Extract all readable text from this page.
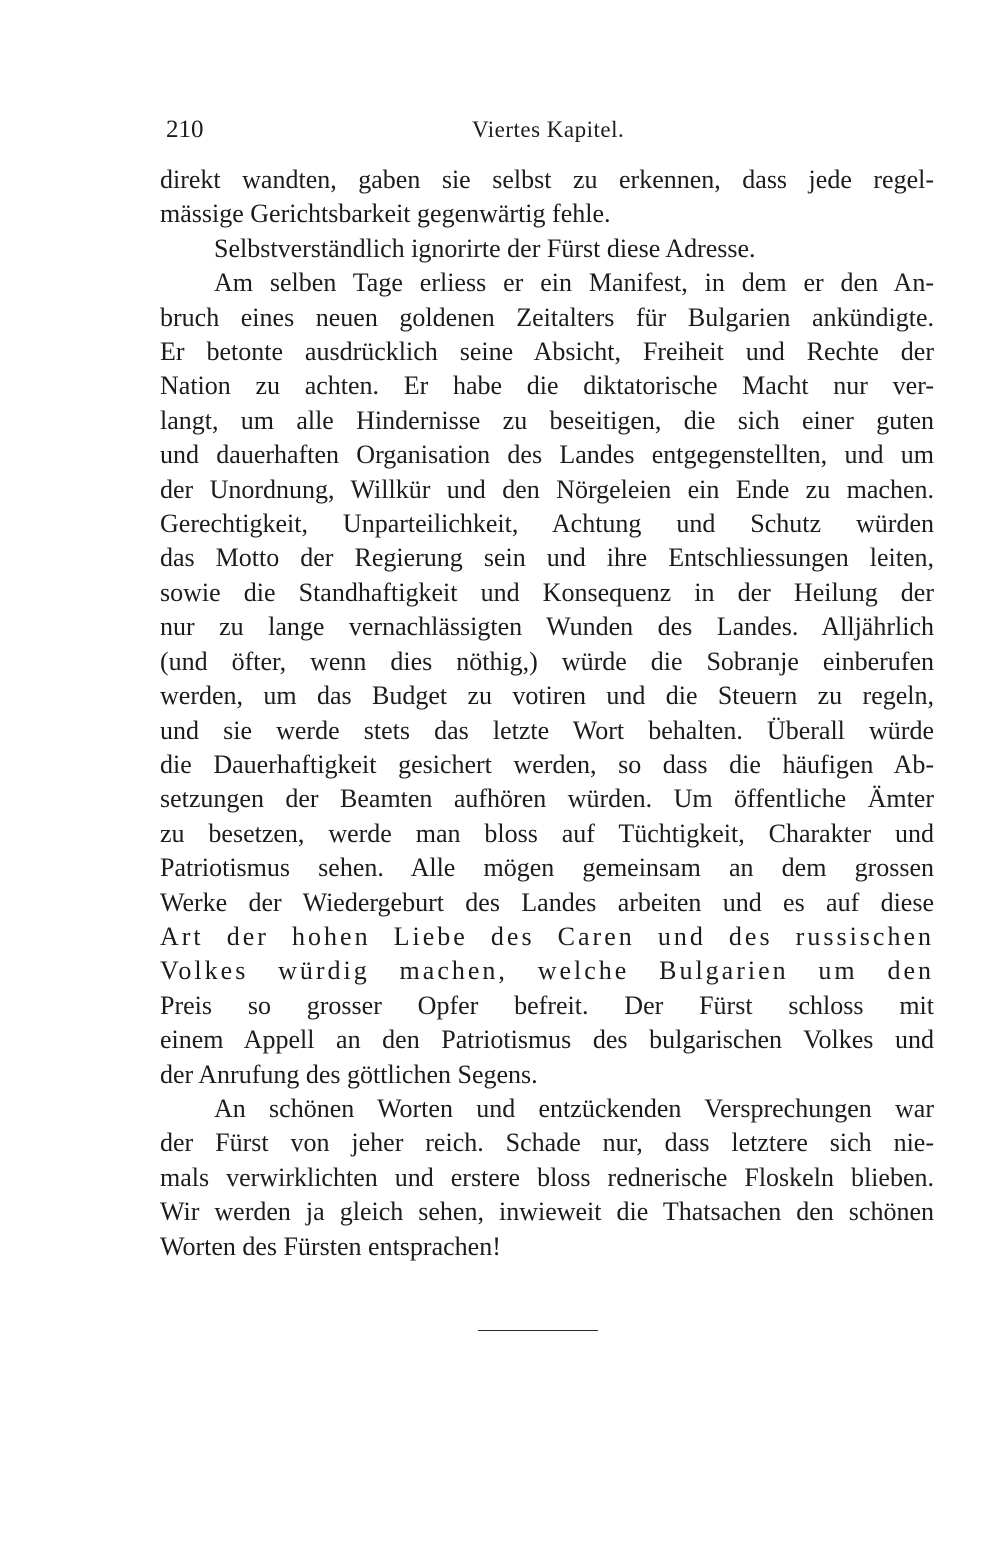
210	Viertes Kapitel.

direkt wandten, gaben sie selbst zu erkennen, dass jede regel-
mässige Gerichtsbarkeit gegenwärtig fehle.

Selbstverständlich ignorirte der Fürst diese Adresse.

Am selben Tage erliess er ein Manifest, in dem er den An-
bruch eines neuen goldenen Zeitalters für Bulgarien ankündigte.
Er betonte ausdrücklich seine Absicht, Freiheit und Rechte der
Nation zu achten. Er habe die diktatorische Macht nur ver-
langt, um alle Hindernisse zu beseitigen, die sich einer guten
und dauerhaften Organisation des Landes entgegenstellten, und um
der Unordnung, Willkür und den Nörgeleien ein Ende zu machen.
Gerechtigkeit, Unparteilichkeit, Achtung und Schutz würden
das Motto der Regierung sein und ihre Entschliessungen leiten,
sowie die Standhaftigkeit und Konsequenz in der Heilung der
nur zu lange vernachlässigten Wunden des Landes. Alljährlich
(und öfter, wenn dies nöthig,) würde die Sobranje einberufen
werden, um das Budget zu votiren und die Steuern zu regeln,
und sie werde stets das letzte Wort behalten. Überall würde
die Dauerhaftigkeit gesichert werden, so dass die häufigen Ab-
setzungen der Beamten aufhören würden. Um öffentliche Ämter
zu besetzen, werde man bloss auf Tüchtigkeit, Charakter und
Patriotismus sehen. Alle mögen gemeinsam an dem grossen
Werke der Wiedergeburt des Landes arbeiten und es auf diese
Art der hohen Liebe des Caren und des russischen
Volkes würdig machen, welche Bulgarien um den
Preis so grosser Opfer befreit. Der Fürst schloss mit
einem Appell an den Patriotismus des bulgarischen Volkes und
der Anrufung des göttlichen Segens.

An schönen Worten und entzückenden Versprechungen war
der Fürst von jeher reich. Schade nur, dass letztere sich nie-
mals verwirklichten und erstere bloss rednerische Floskeln blieben.
Wir werden ja gleich sehen, inwieweit die Thatsachen den schönen
Worten des Fürsten entsprachen!
